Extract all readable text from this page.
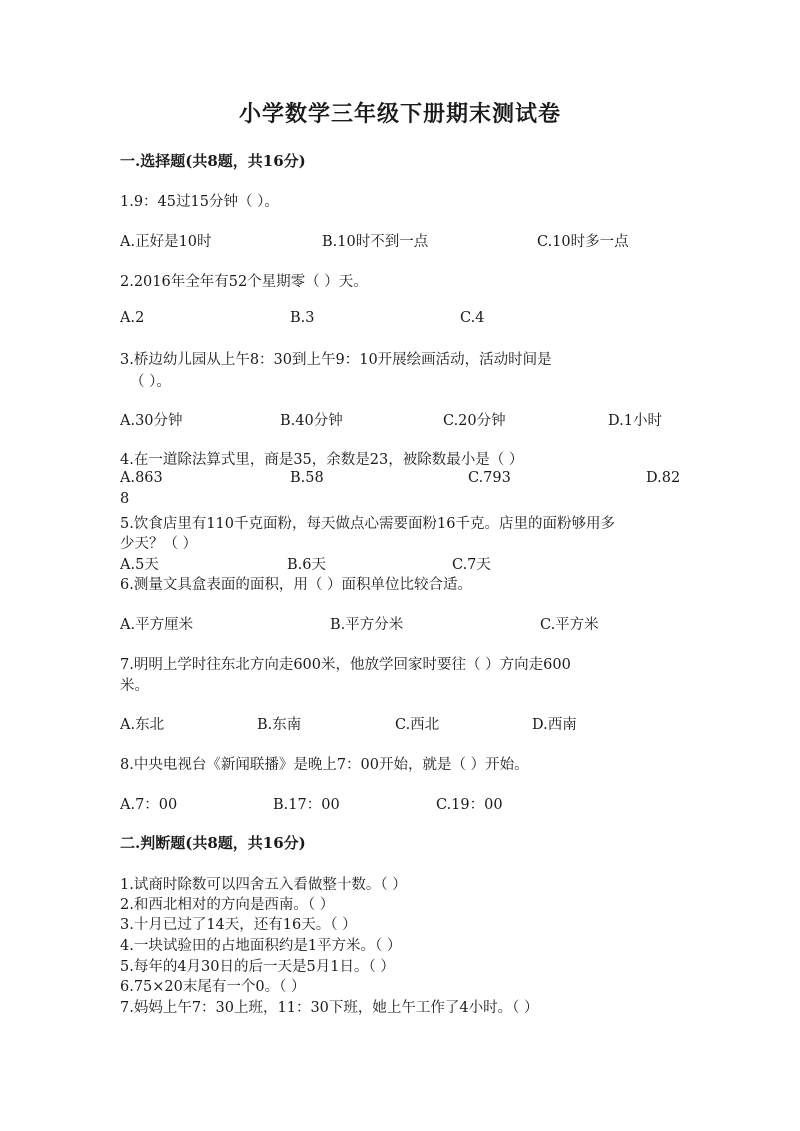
小学数学三年级下册期末测试卷
一.选择题(共8题，共16分)
1.9：45过15分钟（ ）。
A.正好是10时	B.10时不到一点	C.10时多一点
2.2016年全年有52个星期零（ ）天。
A.2	B.3	C.4
3.桥边幼儿园从上午8：30到上午9：10开展绘画活动，活动时间是
（ ）。
A.30分钟	B.40分钟	C.20分钟	D.1小时
4.在一道除法算式里，商是35，余数是23，被除数最小是（ ）
A.863	B.58	C.793	D.82
8
5.饮食店里有110千克面粉，每天做点心需要面粉16千克。店里的面粉够用多
少天？（ ）
A.5天	B.6天	C.7天
6.测量文具盒表面的面积，用（ ）面积单位比较合适。
A.平方厘米	B.平方分米	C.平方米
7.明明上学时往东北方向走600米，他放学回家时要往（ ）方向走600
米。
A.东北	B.东南	C.西北	D.西南
8.中央电视台《新闻联播》是晚上7：00开始，就是（ ）开始。
A.7：00	B.17：00	C.19：00
二.判断题(共8题，共16分)
1.试商时除数可以四舍五入看做整十数。（ ）
2.和西北相对的方向是西南。（ ）
3.十月已过了14天，还有16天。（ ）
4.一块试验田的占地面积约是1平方米。（ ）
5.每年的4月30日的后一天是5月1日。（ ）
6.75×20末尾有一个0。（ ）
7.妈妈上午7：30上班，11：30下班，她上午工作了4小时。（ ）
